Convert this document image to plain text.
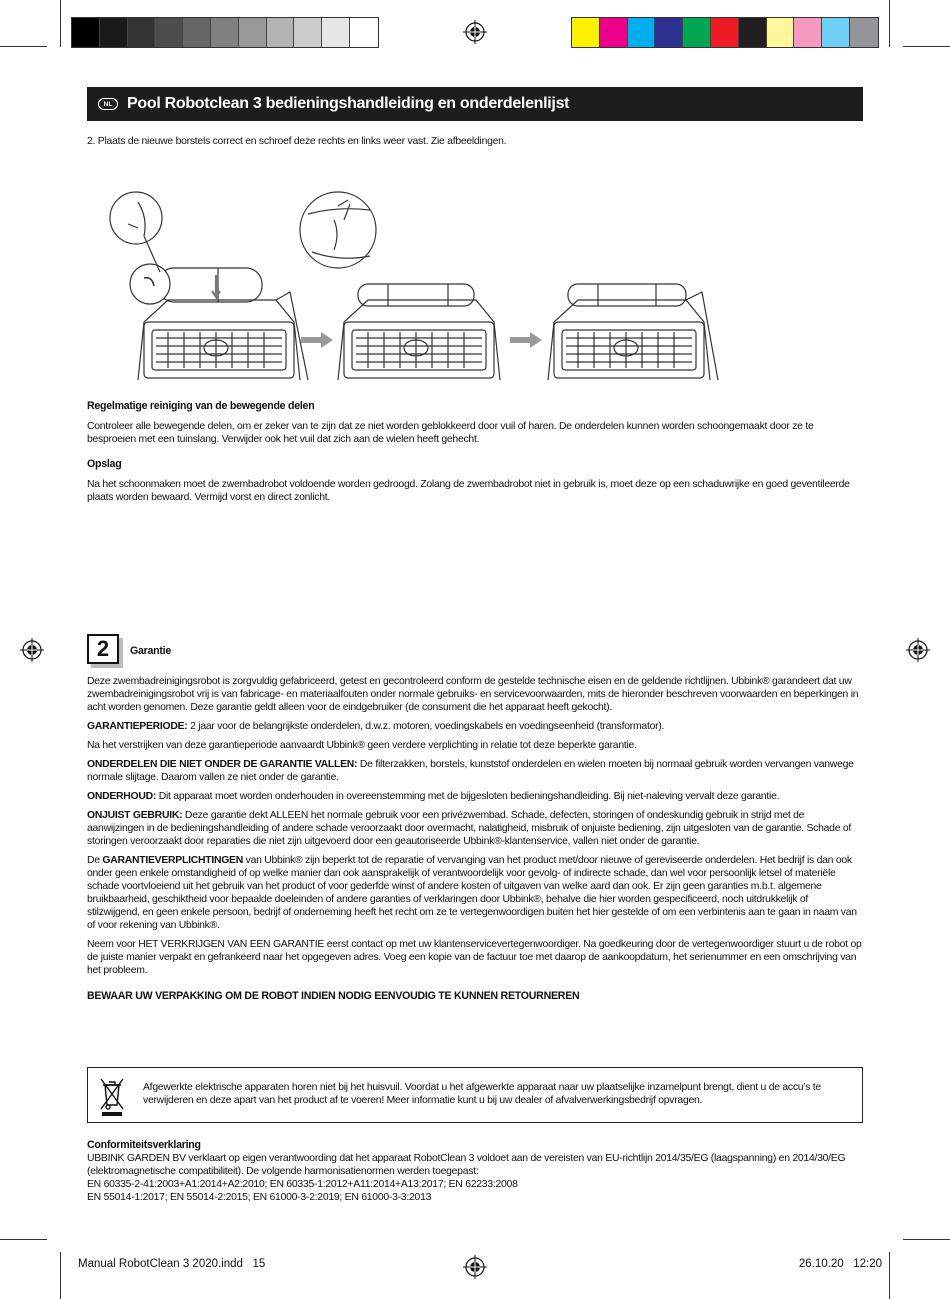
NL Pool Robotclean 3 bedieningshandleiding en onderdelenlijst
2. Plaats de nieuwe borstels correct en schroef deze rechts en links weer vast. Zie afbeeldingen.
Regelmatige reiniging van de bewegende delen
Controleer alle bewegende delen, om er zeker van te zijn dat ze niet worden geblokkeerd door vuil of haren. De onderdelen kunnen worden schoongemaakt door ze te besproeien met een tuinslang. Verwijder ook het vuil dat zich aan de wielen heeft gehecht.
Opslag
Na het schoonmaken moet de zwembadrobot voldoende worden gedroogd. Zolang de zwembadrobot niet in gebruik is, moet deze op een schaduwrijke en goed geventileerde plaats worden bewaard. Vermijd vorst en direct zonlicht.
2	Garantie
Deze zwembadreinigingsrobot is zorgvuldig gefabriceerd, getest en gecontroleerd conform de gestelde technische eisen en de geldende richtlijnen. Ubbink® garandeert dat uw zwembadreinigingsrobot vrij is van fabricage- en materiaalfouten onder normale gebruiks- en servicevoorwaarden, mits de hieronder beschreven voorwaarden en beperkingen in acht worden genomen. Deze garantie geldt alleen voor de eindgebruiker (de consument die het apparaat heeft gekocht).
GARANTIEPERIODE: 2 jaar voor de belangrijkste onderdelen, d.w.z. motoren, voedingskabels en voedingseenheid (transformator).
Na het verstrijken van deze garantieperiode aanvaardt Ubbink® geen verdere verplichting in relatie tot deze beperkte garantie.
ONDERDELEN DIE NIET ONDER DE GARANTIE VALLEN: De filterzakken, borstels, kunststof onderdelen en wielen moeten bij normaal gebruik worden vervangen vanwege normale slijtage. Daarom vallen ze niet onder de garantie.
ONDERHOUD: Dit apparaat moet worden onderhouden in overeenstemming met de bijgesloten bedieningshandleiding. Bij niet-naleving vervalt deze garantie.
ONJUIST GEBRUIK: Deze garantie dekt ALLEEN het normale gebruik voor een privézwembad. Schade, defecten, storingen of ondeskundig gebruik in strijd met de aanwijzingen in de bedieningshandleiding of andere schade veroorzaakt door overmacht, nalatigheid, misbruik of onjuiste bediening, zijn uitgesloten van de garantie. Schade of storingen veroorzaakt door reparaties die niet zijn uitgevoerd door een geautoriseerde Ubbink®-klantenservice, vallen niet onder de garantie.
De GARANTIEVERPLICHTINGEN van Ubbink® zijn beperkt tot de reparatie of vervanging van het product met/door nieuwe of gereviseerde onderdelen. Het bedrijf is dan ook onder geen enkele omstandigheid of op welke manier dan ook aansprakelijk of verantwoordelijk voor gevolg- of indirecte schade, dan wel voor persoonlijk letsel of materiële schade voortvloeiend uit het gebruik van het product of voor gederfde winst of andere kosten of uitgaven van welke aard dan ook. Er zijn geen garanties m.b.t. algemene bruikbaarheid, geschiktheid voor bepaalde doeleinden of andere garanties of verklaringen door Ubbink®, behalve die hier worden gespecificeerd, noch uitdrukkelijk of stilzwijgend, en geen enkele persoon, bedrijf of onderneming heeft het recht om ze te vertegenwoordigen buiten het hier gestelde of om een verbintenis aan te gaan in naam van of voor rekening van Ubbink®.
Neem voor HET VERKRIJGEN VAN EEN GARANTIE eerst contact op met uw klantenservicevertegenwoordiger. Na goedkeuring door de vertegenwoordiger stuurt u de robot op de juiste manier verpakt en gefrankeerd naar het opgegeven adres. Voeg een kopie van de factuur toe met daarop de aankoopdatum, het serienummer en een omschrijving van het probleem.
BEWAAR UW VERPAKKING OM DE ROBOT INDIEN NODIG EENVOUDIG TE KUNNEN RETOURNEREN
Afgewerkte elektrische apparaten horen niet bij het huisvuil. Voordat u het afgewerkte apparaat naar uw plaatselijke inzamelpunt brengt, dient u de accu’s te verwijderen en deze apart van het product af te voeren! Meer informatie kunt u bij uw dealer of afvalverwerkingsbedrijf opvragen.
Conformiteitsverklaring
UBBINK GARDEN BV verklaart op eigen verantwoording dat het apparaat RobotClean 3 voldoet aan de vereisten van EU-richtlijn 2014/35/EG (laagspanning) en 2014/30/EG
(elektromagnetische compatibiliteit). De volgende harmonisatienormen werden toegepast:
EN 60335-2-41:2003+A1:2014+A2:2010; EN 60335-1:2012+A11:2014+A13:2017; EN 62233:2008
EN 55014-1:2017; EN 55014-2:2015; EN 61000-3-2:2019; EN 61000-3-3:2013
Manual RobotClean 3 2020.indd   15	26.10.20   12:20
